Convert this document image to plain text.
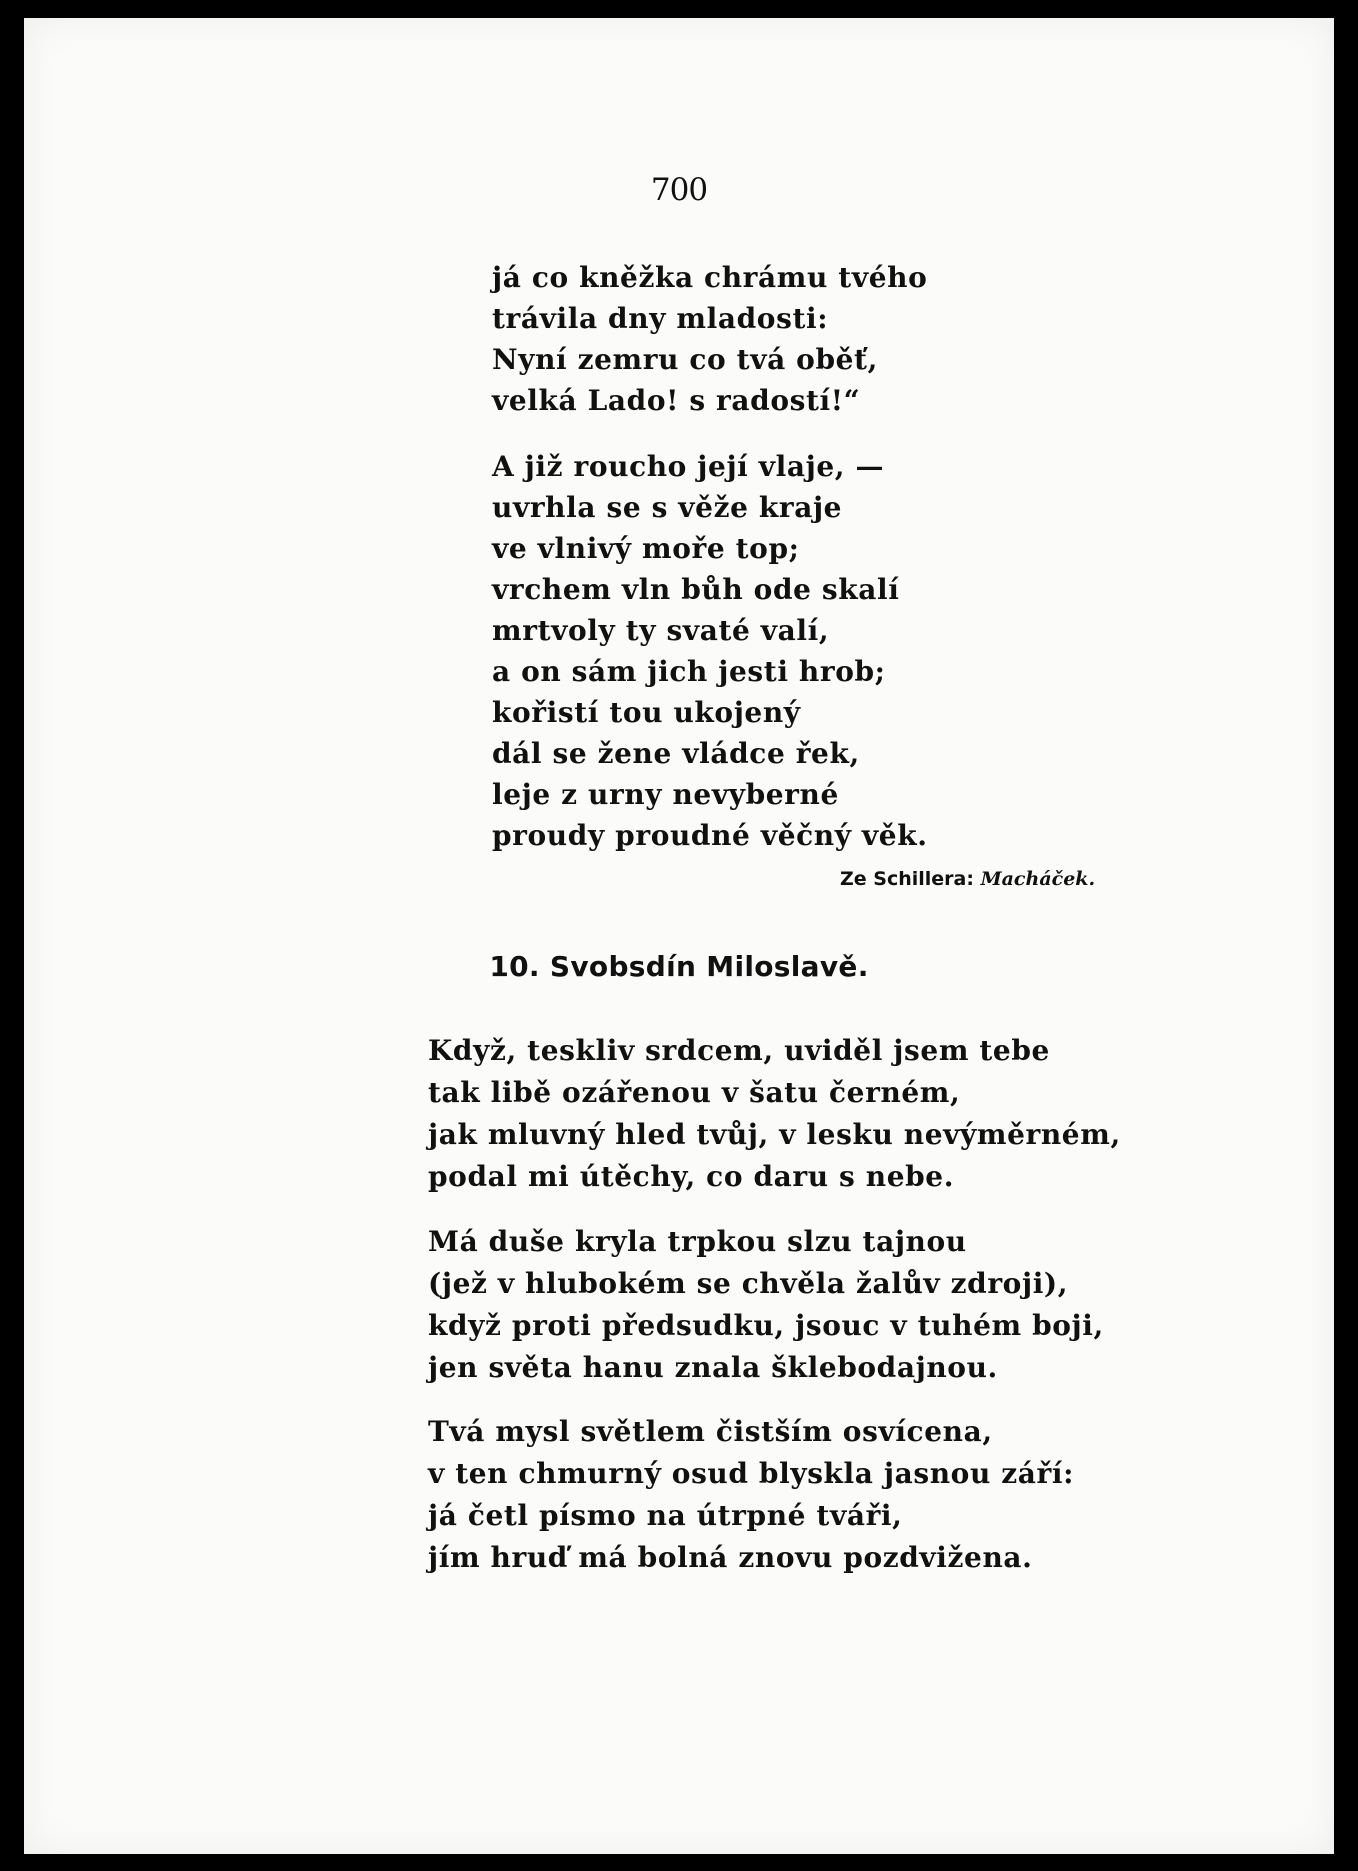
700
já co kněžka chrámu tvého
trávila dny mladosti:
Nyní zemru co tvá oběť,
velká Lado! s radostí!“
A již roucho její vlaje, —
uvrhla se s věže kraje
ve vlnivý moře top;
vrchem vln bůh ode skalí
mrtvoly ty svaté valí,
a on sám jich jesti hrob;
kořistí tou ukojený
dál se žene vládce řek,
leje z urny nevyberné
proudy proudné věčný věk.
Ze Schillera: Macháček.
10. Svobsdín Miloslavě.
Když, teskliv srdcem, uviděl jsem tebe
tak libě ozářenou v šatu černém,
jak mluvný hled tvůj, v lesku nevýměrném,
podal mi útěchy, co daru s nebe.
Má duše kryla trpkou slzu tajnou
(jež v hlubokém se chvěla žalův zdroji),
když proti předsudku, jsouc v tuhém boji,
jen světa hanu znala šklebodajnou.
Tvá mysl světlem čistším osvícena,
v ten chmurný osud blyskla jasnou září:
já četl písmo na útrpné tváři,
jím hruď má bolná znovu pozdvižena.
